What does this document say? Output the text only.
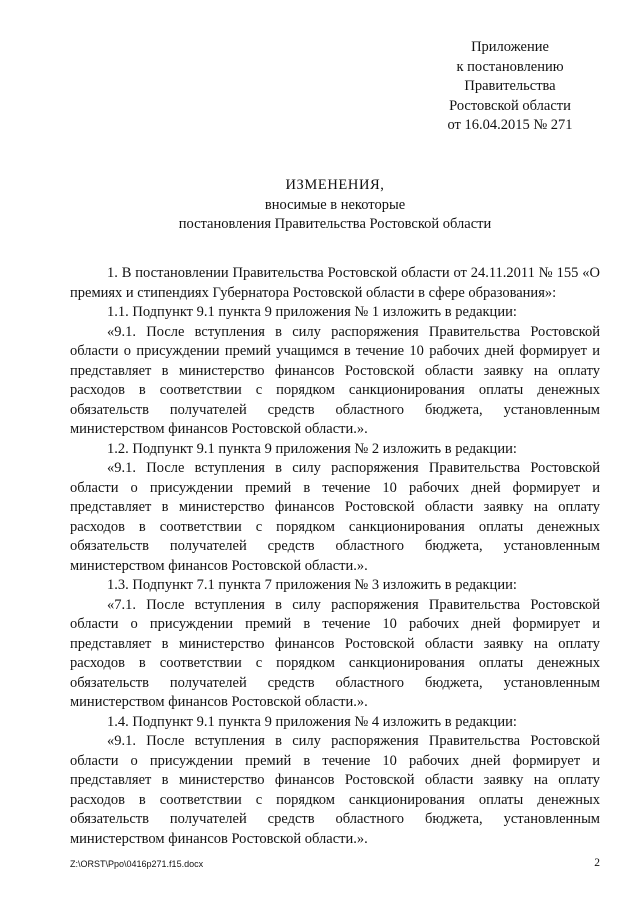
Приложение
к постановлению
Правительства
Ростовской области
от 16.04.2015 № 271
ИЗМЕНЕНИЯ,
вносимые в некоторые
постановления Правительства Ростовской области

1. В постановлении Правительства Ростовской области от 24.11.2011 № 155 «О премиях и стипендиях Губернатора Ростовской области в сфере образования»:

1.1. Подпункт 9.1 пункта 9 приложения № 1 изложить в редакции:

«9.1. После вступления в силу распоряжения Правительства Ростовской области о присуждении премий учащимся в течение 10 рабочих дней формирует и представляет в министерство финансов Ростовской области заявку на оплату расходов в соответствии с порядком санкционирования оплаты денежных обязательств получателей средств областного бюджета, установленным министерством финансов Ростовской области.».

1.2. Подпункт 9.1 пункта 9 приложения № 2 изложить в редакции:

«9.1. После вступления в силу распоряжения Правительства Ростовской области о присуждении премий в течение 10 рабочих дней формирует и представляет в министерство финансов Ростовской области заявку на оплату расходов в соответствии с порядком санкционирования оплаты денежных обязательств получателей средств областного бюджета, установленным министерством финансов Ростовской области.».

1.3. Подпункт 7.1 пункта 7 приложения № 3 изложить в редакции:

«7.1. После вступления в силу распоряжения Правительства Ростовской области о присуждении премий в течение 10 рабочих дней формирует и представляет в министерство финансов Ростовской области заявку на оплату расходов в соответствии с порядком санкционирования оплаты денежных обязательств получателей средств областного бюджета, установленным министерством финансов Ростовской области.».

1.4. Подпункт 9.1 пункта 9 приложения № 4 изложить в редакции:

«9.1. После вступления в силу распоряжения Правительства Ростовской области о присуждении премий в течение 10 рабочих дней формирует и представляет в министерство финансов Ростовской области заявку на оплату расходов в соответствии с порядком санкционирования оплаты денежных обязательств получателей средств областного бюджета, установленным министерством финансов Ростовской области.».

Z:\ORST\Ppo\0416p271.f15.docx	2
